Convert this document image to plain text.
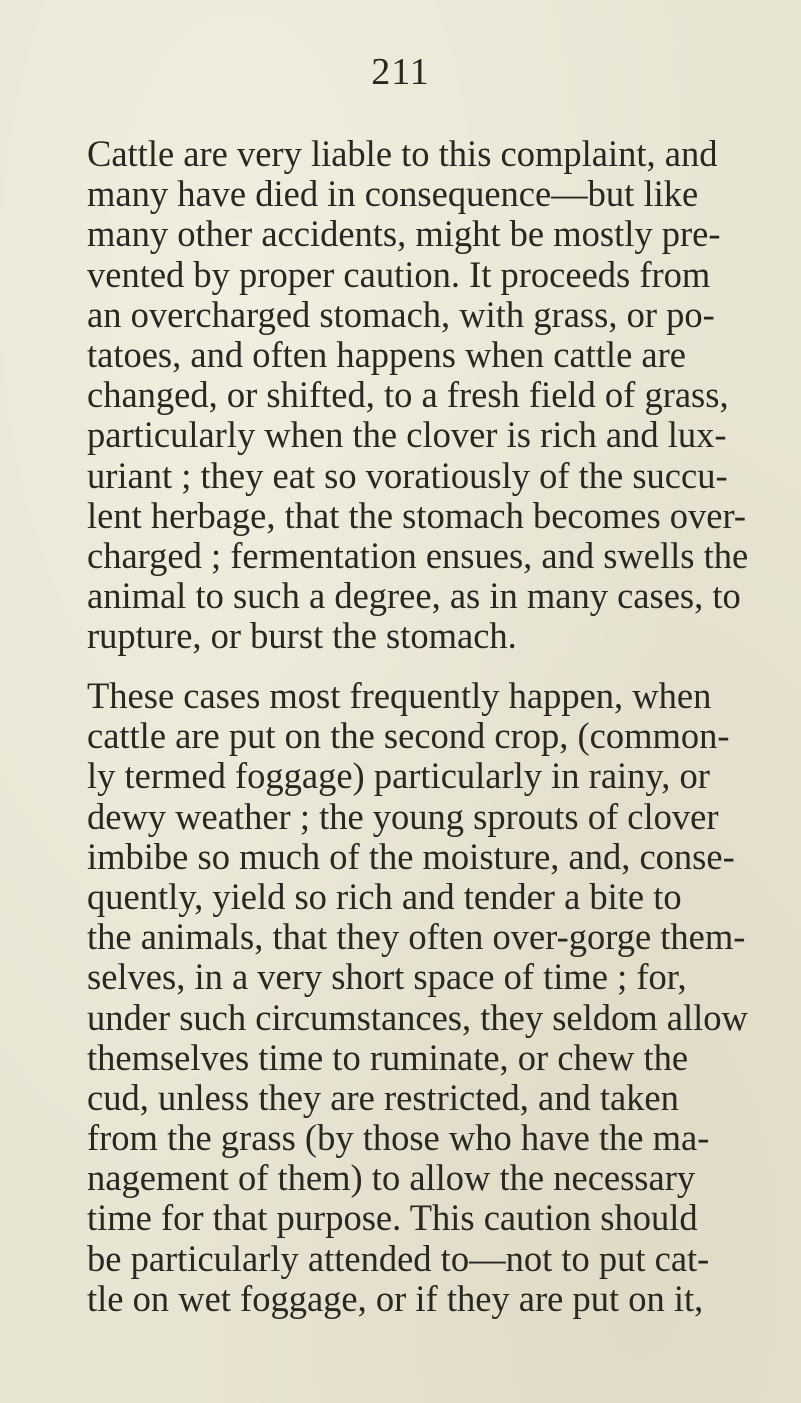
211
Cattle are very liable to this complaint, and
many have died in consequence—but like
many other accidents, might be mostly pre-
vented by proper caution. It proceeds from
an overcharged stomach, with grass, or po-
tatoes, and often happens when cattle are
changed, or shifted, to a fresh field of grass,
particularly when the clover is rich and lux-
uriant ; they eat so voratiously of the succu-
lent herbage, that the stomach becomes over-
charged ; fermentation ensues, and swells the
animal to such a degree, as in many cases, to
rupture, or burst the stomach.
These cases most frequently happen, when
cattle are put on the second crop, (common-
ly termed foggage) particularly in rainy, or
dewy weather ; the young sprouts of clover
imbibe so much of the moisture, and, conse-
quently, yield so rich and tender a bite to
the animals, that they often over-gorge them-
selves, in a very short space of time ; for,
under such circumstances, they seldom allow
themselves time to ruminate, or chew the
cud, unless they are restricted, and taken
from the grass (by those who have the ma-
nagement of them) to allow the necessary
time for that purpose. This caution should
be particularly attended to—not to put cat-
tle on wet foggage, or if they are put on it,
